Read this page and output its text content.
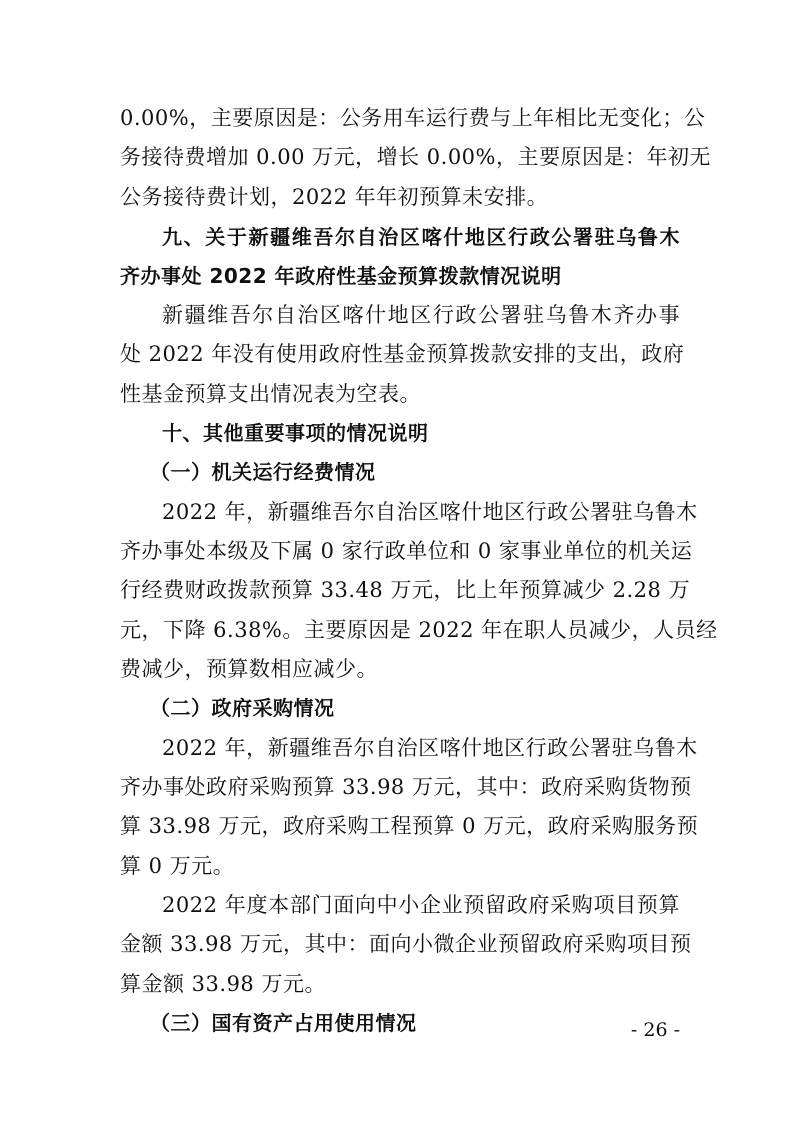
0.00%，主要原因是：公务用车运行费与上年相比无变化；公
务接待费增加 0.00 万元，增长 0.00%，主要原因是：年初无
公务接待费计划，2022 年年初预算未安排。
九、关于新疆维吾尔自治区喀什地区行政公署驻乌鲁木
齐办事处 2022 年政府性基金预算拨款情况说明
新疆维吾尔自治区喀什地区行政公署驻乌鲁木齐办事
处 2022 年没有使用政府性基金预算拨款安排的支出，政府
性基金预算支出情况表为空表。
十、其他重要事项的情况说明
（一）机关运行经费情况
2022 年，新疆维吾尔自治区喀什地区行政公署驻乌鲁木
齐办事处本级及下属 0 家行政单位和 0 家事业单位的机关运
行经费财政拨款预算 33.48 万元，比上年预算减少 2.28 万
元，下降 6.38%。主要原因是 2022 年在职人员减少，人员经
费减少，预算数相应减少。
（二）政府采购情况
2022 年，新疆维吾尔自治区喀什地区行政公署驻乌鲁木
齐办事处政府采购预算 33.98 万元，其中：政府采购货物预
算 33.98 万元，政府采购工程预算 0 万元，政府采购服务预
算 0 万元。
2022 年度本部门面向中小企业预留政府采购项目预算
金额 33.98 万元，其中：面向小微企业预留政府采购项目预
算金额 33.98 万元。
（三）国有资产占用使用情况	- 26 -
